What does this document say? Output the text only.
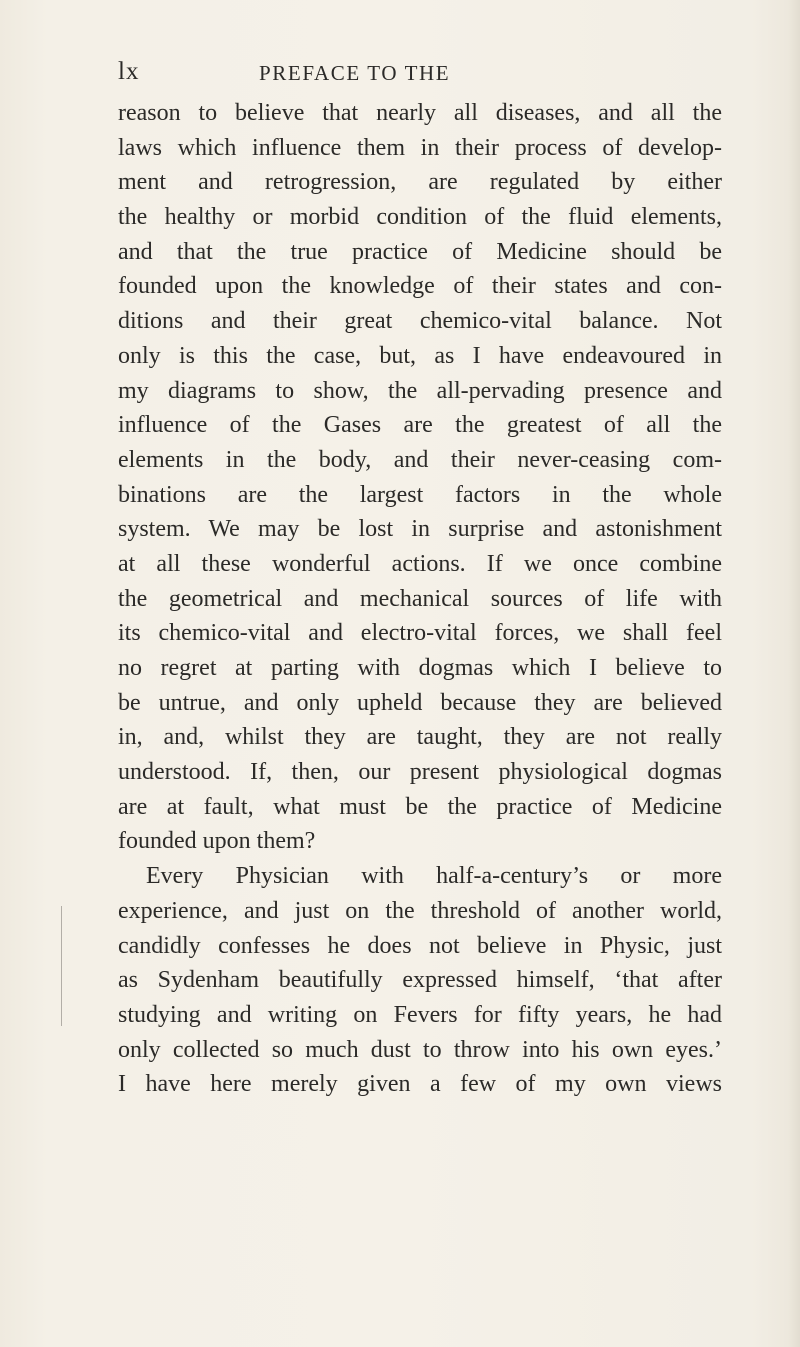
lx	PREFACE TO THE
reason to believe that nearly all diseases, and all the
laws which influence them in their process of develop-
ment and retrogression, are regulated by either
the healthy or morbid condition of the fluid elements,
and that the true practice of Medicine should be
founded upon the knowledge of their states and con-
ditions and their great chemico-vital balance. Not
only is this the case, but, as I have endeavoured in
my diagrams to show, the all-pervading presence and
influence of the Gases are the greatest of all the
elements in the body, and their never-ceasing com-
binations are the largest factors in the whole
system. We may be lost in surprise and astonishment
at all these wonderful actions. If we once combine
the geometrical and mechanical sources of life with
its chemico-vital and electro-vital forces, we shall feel
no regret at parting with dogmas which I believe to
be untrue, and only upheld because they are believed
in, and, whilst they are taught, they are not really
understood. If, then, our present physiological dogmas
are at fault, what must be the practice of Medicine
founded upon them?
Every Physician with half-a-century’s or more
experience, and just on the threshold of another world,
candidly confesses he does not believe in Physic, just
as Sydenham beautifully expressed himself, ‘that after
studying and writing on Fevers for fifty years, he had
only collected so much dust to throw into his own eyes.’
I have here merely given a few of my own views
